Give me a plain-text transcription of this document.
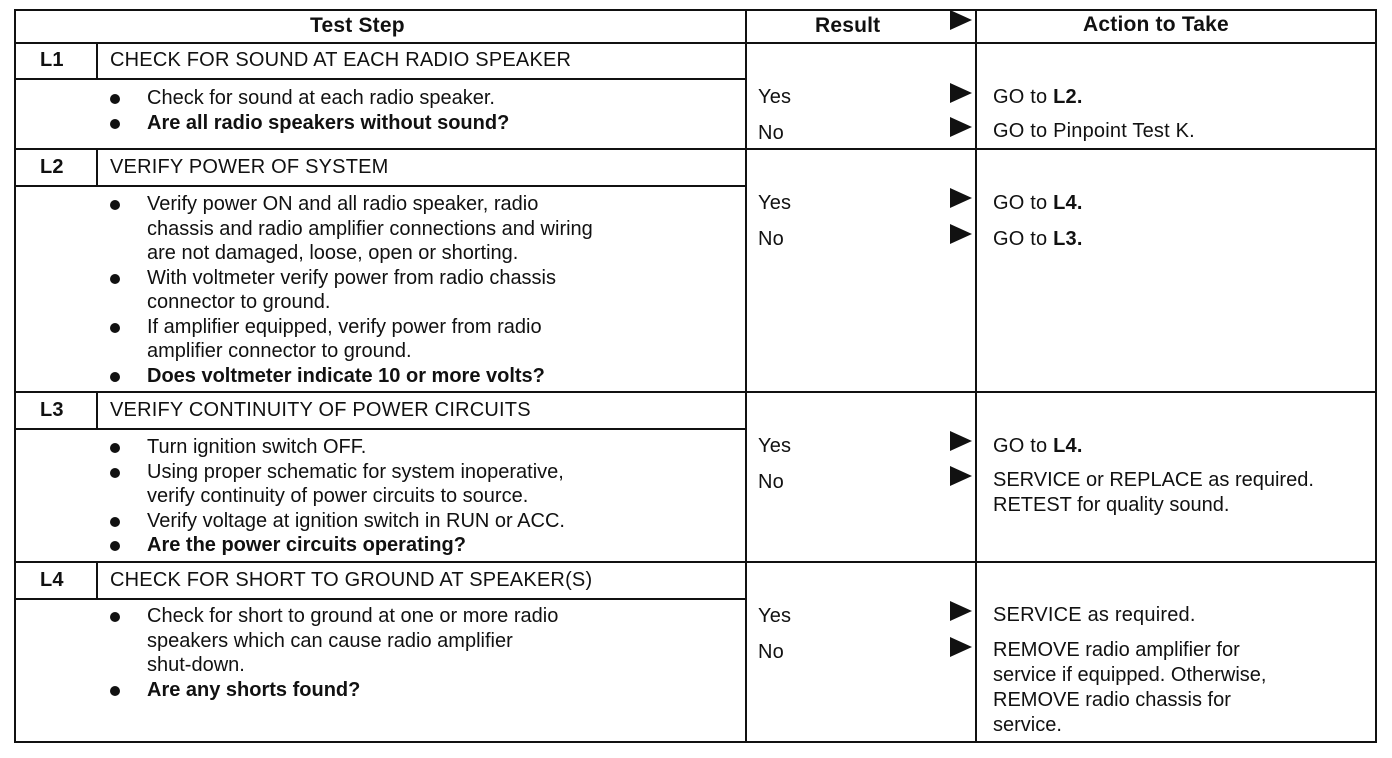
Test Step	Result	Action to Take
L1 CHECK FOR SOUND AT EACH RADIO SPEAKER
Check for sound at each radio speaker.
Are all radio speakers without sound?
Yes	GO to L2.
No	GO to Pinpoint Test K.
L2 VERIFY POWER OF SYSTEM
Verify power ON and all radio speaker, radio
chassis and radio amplifier connections and wiring
are not damaged, loose, open or shorting.
With voltmeter verify power from radio chassis
connector to ground.
If amplifier equipped, verify power from radio
amplifier connector to ground.
Does voltmeter indicate 10 or more volts?
Yes	GO to L4.
No	GO to L3.
L3 VERIFY CONTINUITY OF POWER CIRCUITS
Turn ignition switch OFF.
Using proper schematic for system inoperative,
verify continuity of power circuits to source.
Verify voltage at ignition switch in RUN or ACC.
Are the power circuits operating?
Yes	GO to L4.
No	SERVICE or REPLACE as required.
RETEST for quality sound.
L4 CHECK FOR SHORT TO GROUND AT SPEAKER(S)
Check for short to ground at one or more radio
speakers which can cause radio amplifier
shut-down.
Are any shorts found?
Yes	SERVICE as required.
No	REMOVE radio amplifier for
service if equipped. Otherwise,
REMOVE radio chassis for
service.
